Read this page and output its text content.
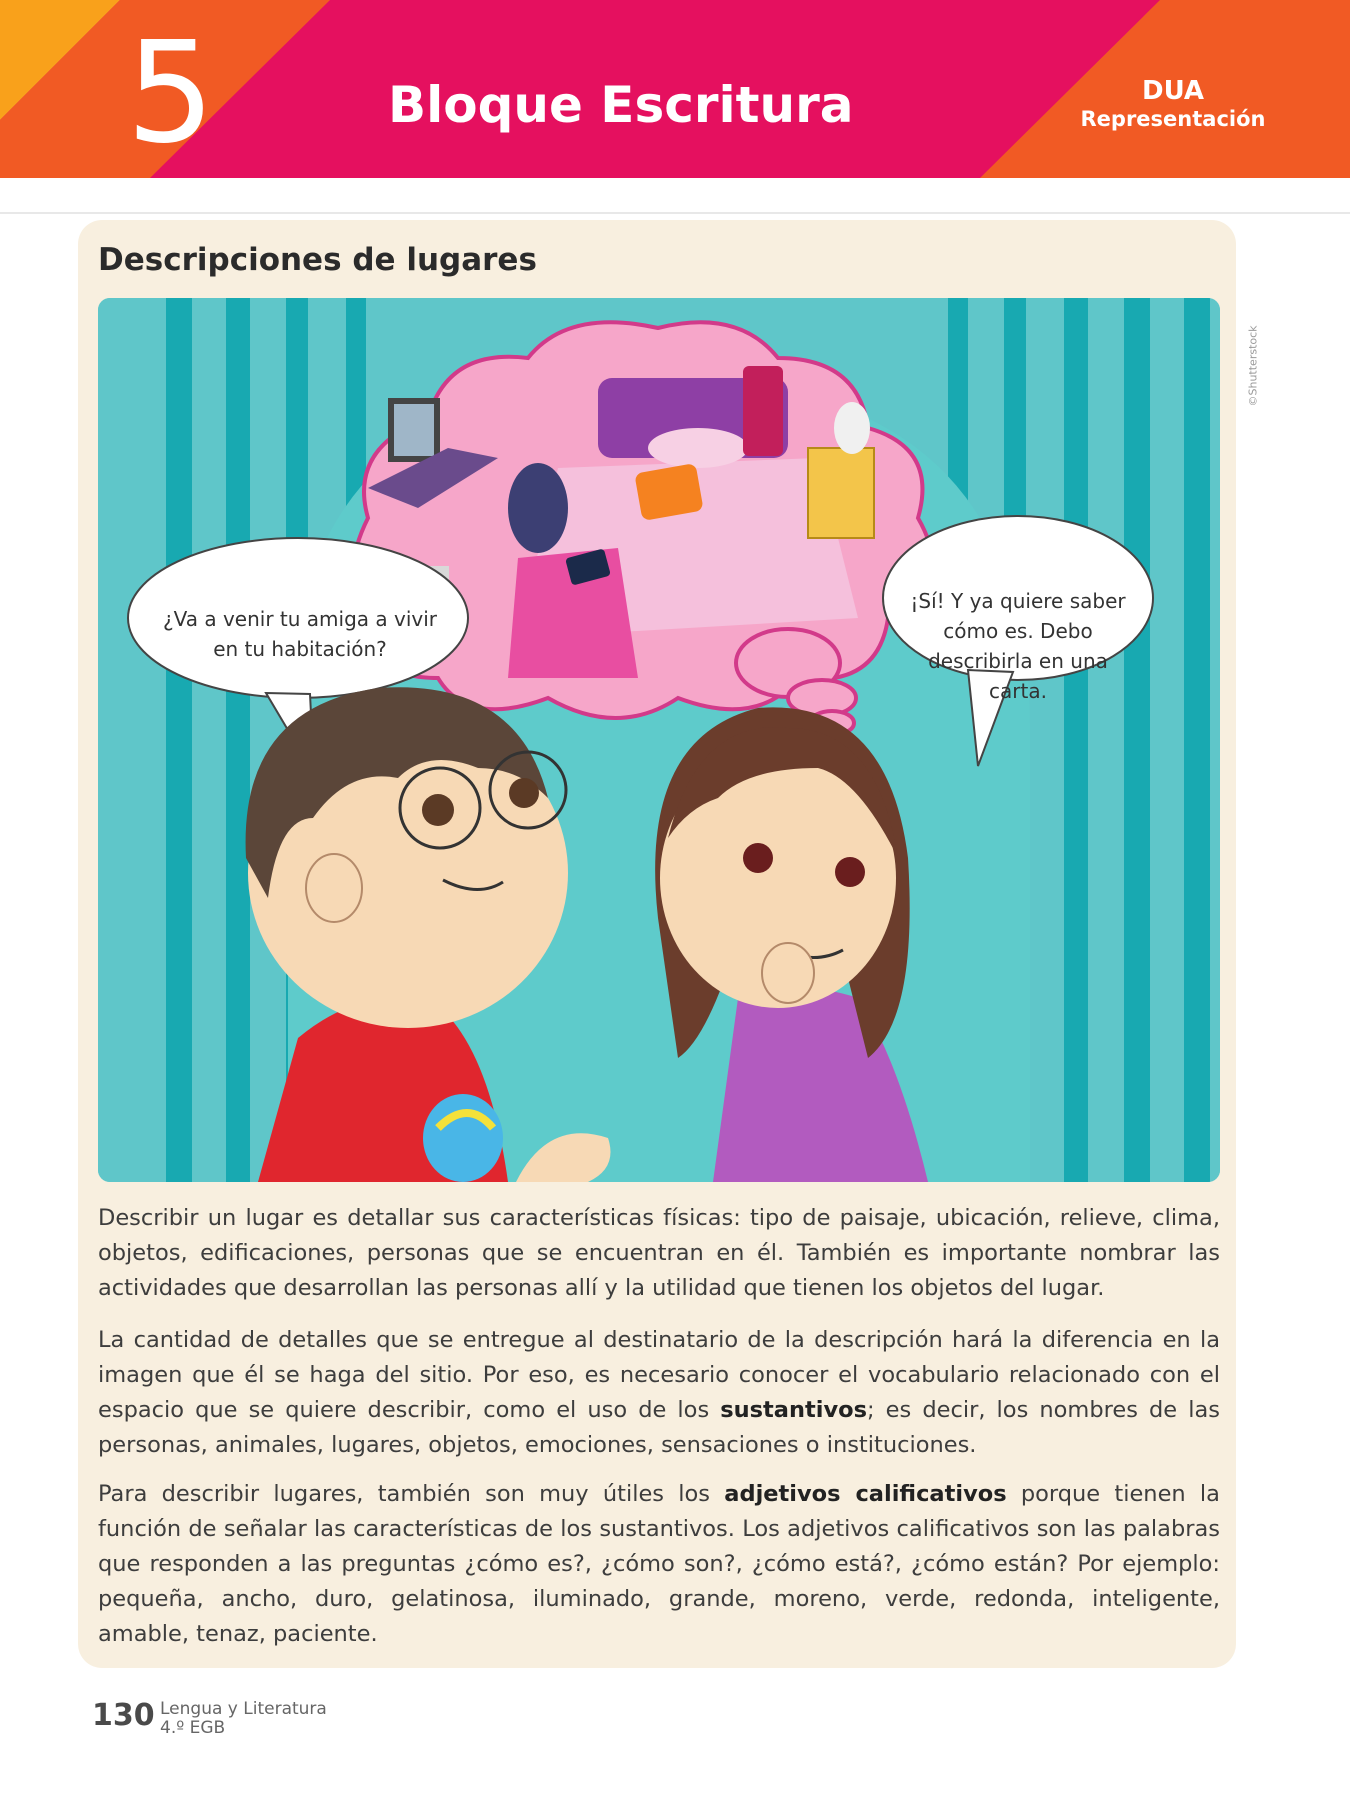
5	Bloque Escritura	DUA
Representación
Descripciones de lugares
©Shutterstock
¿Va a venir tu amiga a vivir en tu habitación?
¡Sí! Y ya quiere saber cómo es. Debo describirla en una carta.

Describir un lugar es detallar sus características físicas: tipo de paisaje, ubicación, relieve, clima, objetos, edificaciones, personas que se encuentran en él. También es importante nombrar las actividades que desarrollan las personas allí y la utilidad que tienen los objetos del lugar.

La cantidad de detalles que se entregue al destinatario de la descripción hará la diferencia en la imagen que él se haga del sitio. Por eso, es necesario conocer el vocabulario relacionado con el espacio que se quiere describir, como el uso de los sustantivos; es decir, los nombres de las personas, animales, lugares, objetos, emociones, sensaciones o instituciones.

Para describir lugares, también son muy útiles los adjetivos calificativos porque tienen la función de señalar las características de los sustantivos. Los adjetivos calificativos son las palabras que responden a las preguntas ¿cómo es?, ¿cómo son?, ¿cómo está?, ¿cómo están? Por ejemplo: pequeña, ancho, duro, gelatinosa, iluminado, grande, moreno, verde, redonda, inteligente, amable, tenaz, paciente.

130 Lengua y Literatura
4.º EGB
